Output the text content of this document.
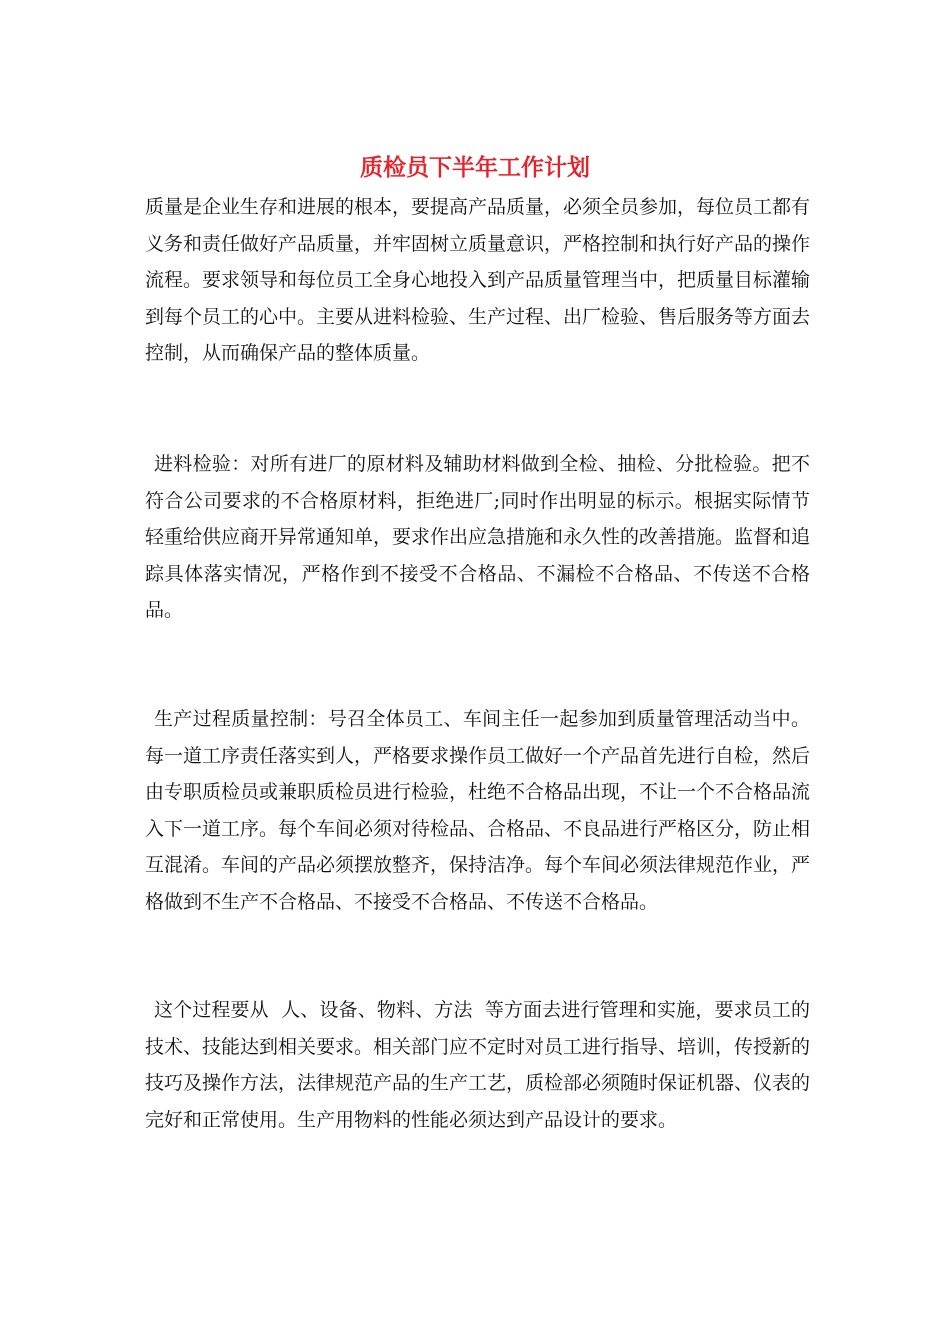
质检员下半年工作计划

质量是企业生存和进展的根本，要提高产品质量，必须全员参加，每位员工都有义务和责任做好产品质量，并牢固树立质量意识，严格控制和执行好产品的操作流程。要求领导和每位员工全身心地投入到产品质量管理当中，把质量目标灌输到每个员工的心中。主要从进料检验、生产过程、出厂检验、售后服务等方面去控制，从而确保产品的整体质量。

进料检验：对所有进厂的原材料及辅助材料做到全检、抽检、分批检验。把不符合公司要求的不合格原材料，拒绝进厂;同时作出明显的标示。根据实际情节轻重给供应商开异常通知单，要求作出应急措施和永久性的改善措施。监督和追踪具体落实情况，严格作到不接受不合格品、不漏检不合格品、不传送不合格品。

生产过程质量控制：号召全体员工、车间主任一起参加到质量管理活动当中。每一道工序责任落实到人，严格要求操作员工做好一个产品首先进行自检，然后由专职质检员或兼职质检员进行检验，杜绝不合格品出现，不让一个不合格品流入下一道工序。每个车间必须对待检品、合格品、不良品进行严格区分，防止相互混淆。车间的产品必须摆放整齐，保持洁净。每个车间必须法律规范作业，严格做到不生产不合格品、不接受不合格品、不传送不合格品。

这个过程要从  人、设备、物料、方法  等方面去进行管理和实施，要求员工的技术、技能达到相关要求。相关部门应不定时对员工进行指导、培训，传授新的技巧及操作方法，法律规范产品的生产工艺，质检部必须随时保证机器、仪表的完好和正常使用。生产用物料的性能必须达到产品设计的要求。
